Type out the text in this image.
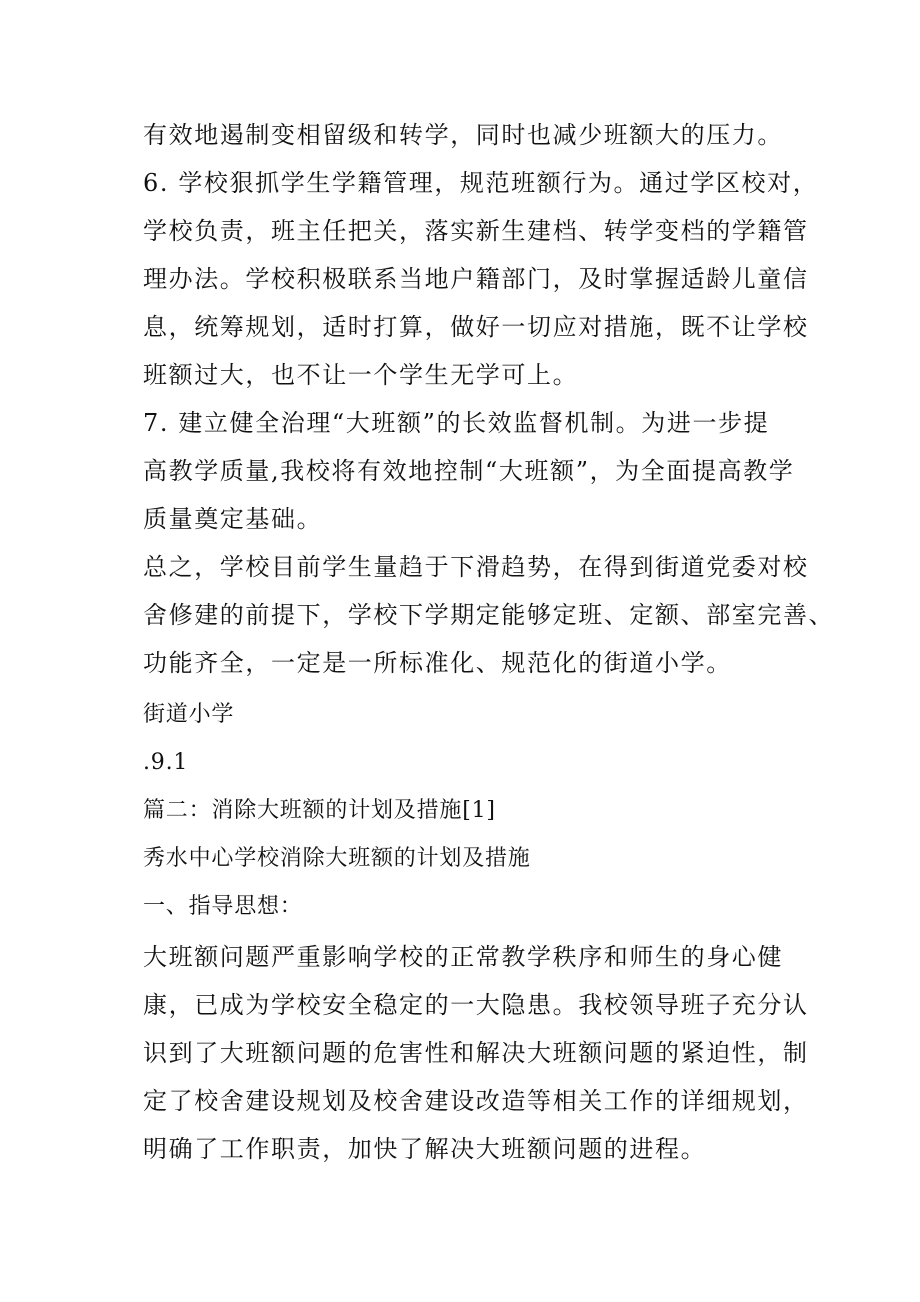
有效地遏制变相留级和转学，同时也减少班额大的压力。
6. 学校狠抓学生学籍管理，规范班额行为。通过学区校对，
学校负责，班主任把关，落实新生建档、转学变档的学籍管
理办法。学校积极联系当地户籍部门，及时掌握适龄儿童信
息，统筹规划，适时打算，做好一切应对措施，既不让学校
班额过大，也不让一个学生无学可上。
7. 建立健全治理“大班额”的长效监督机制。为进一步提
高教学质量,我校将有效地控制“大班额”，为全面提高教学
质量奠定基础。
总之，学校目前学生量趋于下滑趋势，在得到街道党委对校
舍修建的前提下，学校下学期定能够定班、定额、部室完善、
功能齐全，一定是一所标准化、规范化的街道小学。
街道小学
.9.1
篇二：消除大班额的计划及措施[1]
秀水中心学校消除大班额的计划及措施
一、指导思想：
大班额问题严重影响学校的正常教学秩序和师生的身心健
康，已成为学校安全稳定的一大隐患。我校领导班子充分认
识到了大班额问题的危害性和解决大班额问题的紧迫性，制
定了校舍建设规划及校舍建设改造等相关工作的详细规划，
明确了工作职责，加快了解决大班额问题的进程。
